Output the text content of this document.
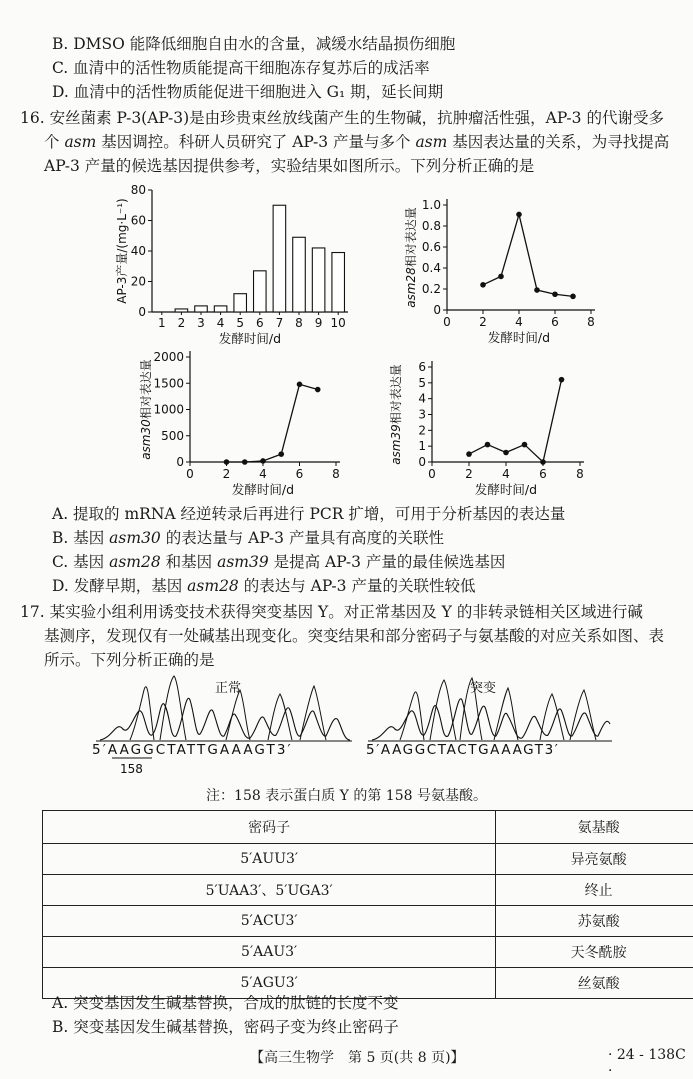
B. DMSO 能降低细胞自由水的含量，减缓水结晶损伤细胞
C. 血清中的活性物质能提高干细胞冻存复苏后的成活率
D. 血清中的活性物质能促进干细胞进入 G₁ 期，延长间期
16. 安丝菌素 P-3(AP-3)是由珍贵束丝放线菌产生的生物碱，抗肿瘤活性强，AP-3 的代谢受多
个 asm 基因调控。科研人员研究了 AP-3 产量与多个 asm 基因表达量的关系，为寻找提高
AP-3 产量的候选基因提供参考，实验结果如图所示。下列分析正确的是
0
20
40
60
80
1 2 3 4 5 6 7 8 9 10
发酵时间/d
AP-3产量/(mg·L⁻¹)
0
0.2
0.4
0.6
0.8
1.0
0 2 4 6 8
发酵时间/d
asm28相对表达量
0
500
1000
1500
2000
0 2 4 6 8
发酵时间/d
asm30相对表达量
0
1
2
3
4
5
6
0 2 4 6 8
发酵时间/d
asm39相对表达量
A. 提取的 mRNA 经逆转录后再进行 PCR 扩增，可用于分析基因的表达量
B. 基因 asm30 的表达量与 AP-3 产量具有高度的关联性
C. 基因 asm28 和基因 asm39 是提高 AP-3 产量的最佳候选基因
D. 发酵早期，基因 asm28 的表达与 AP-3 产量的关联性较低
17. 某实验小组利用诱变技术获得突变基因 Y。对正常基因及 Y 的非转录链相关区域进行碱
基测序，发现仅有一处碱基出现变化。突变结果和部分密码子与氨基酸的对应关系如图、表
所示。下列分析正确的是
正常	突变
5′AAGGCTATTGAAAGT3′	5′AAGGCTACTGAAAGT3′
158
注：158 表示蛋白质 Y 的第 158 号氨基酸。
密码子	氨基酸
5′AUU3′	异亮氨酸
5′UAA3′、5′UGA3′	终止
5′ACU3′	苏氨酸
5′AAU3′	天冬酰胺
5′AGU3′	丝氨酸
A. 突变基因发生碱基替换，合成的肽链的长度不变
B. 突变基因发生碱基替换，密码子变为终止密码子
【高三生物学　第 5 页(共 8 页)】	· 24 - 138C ·
